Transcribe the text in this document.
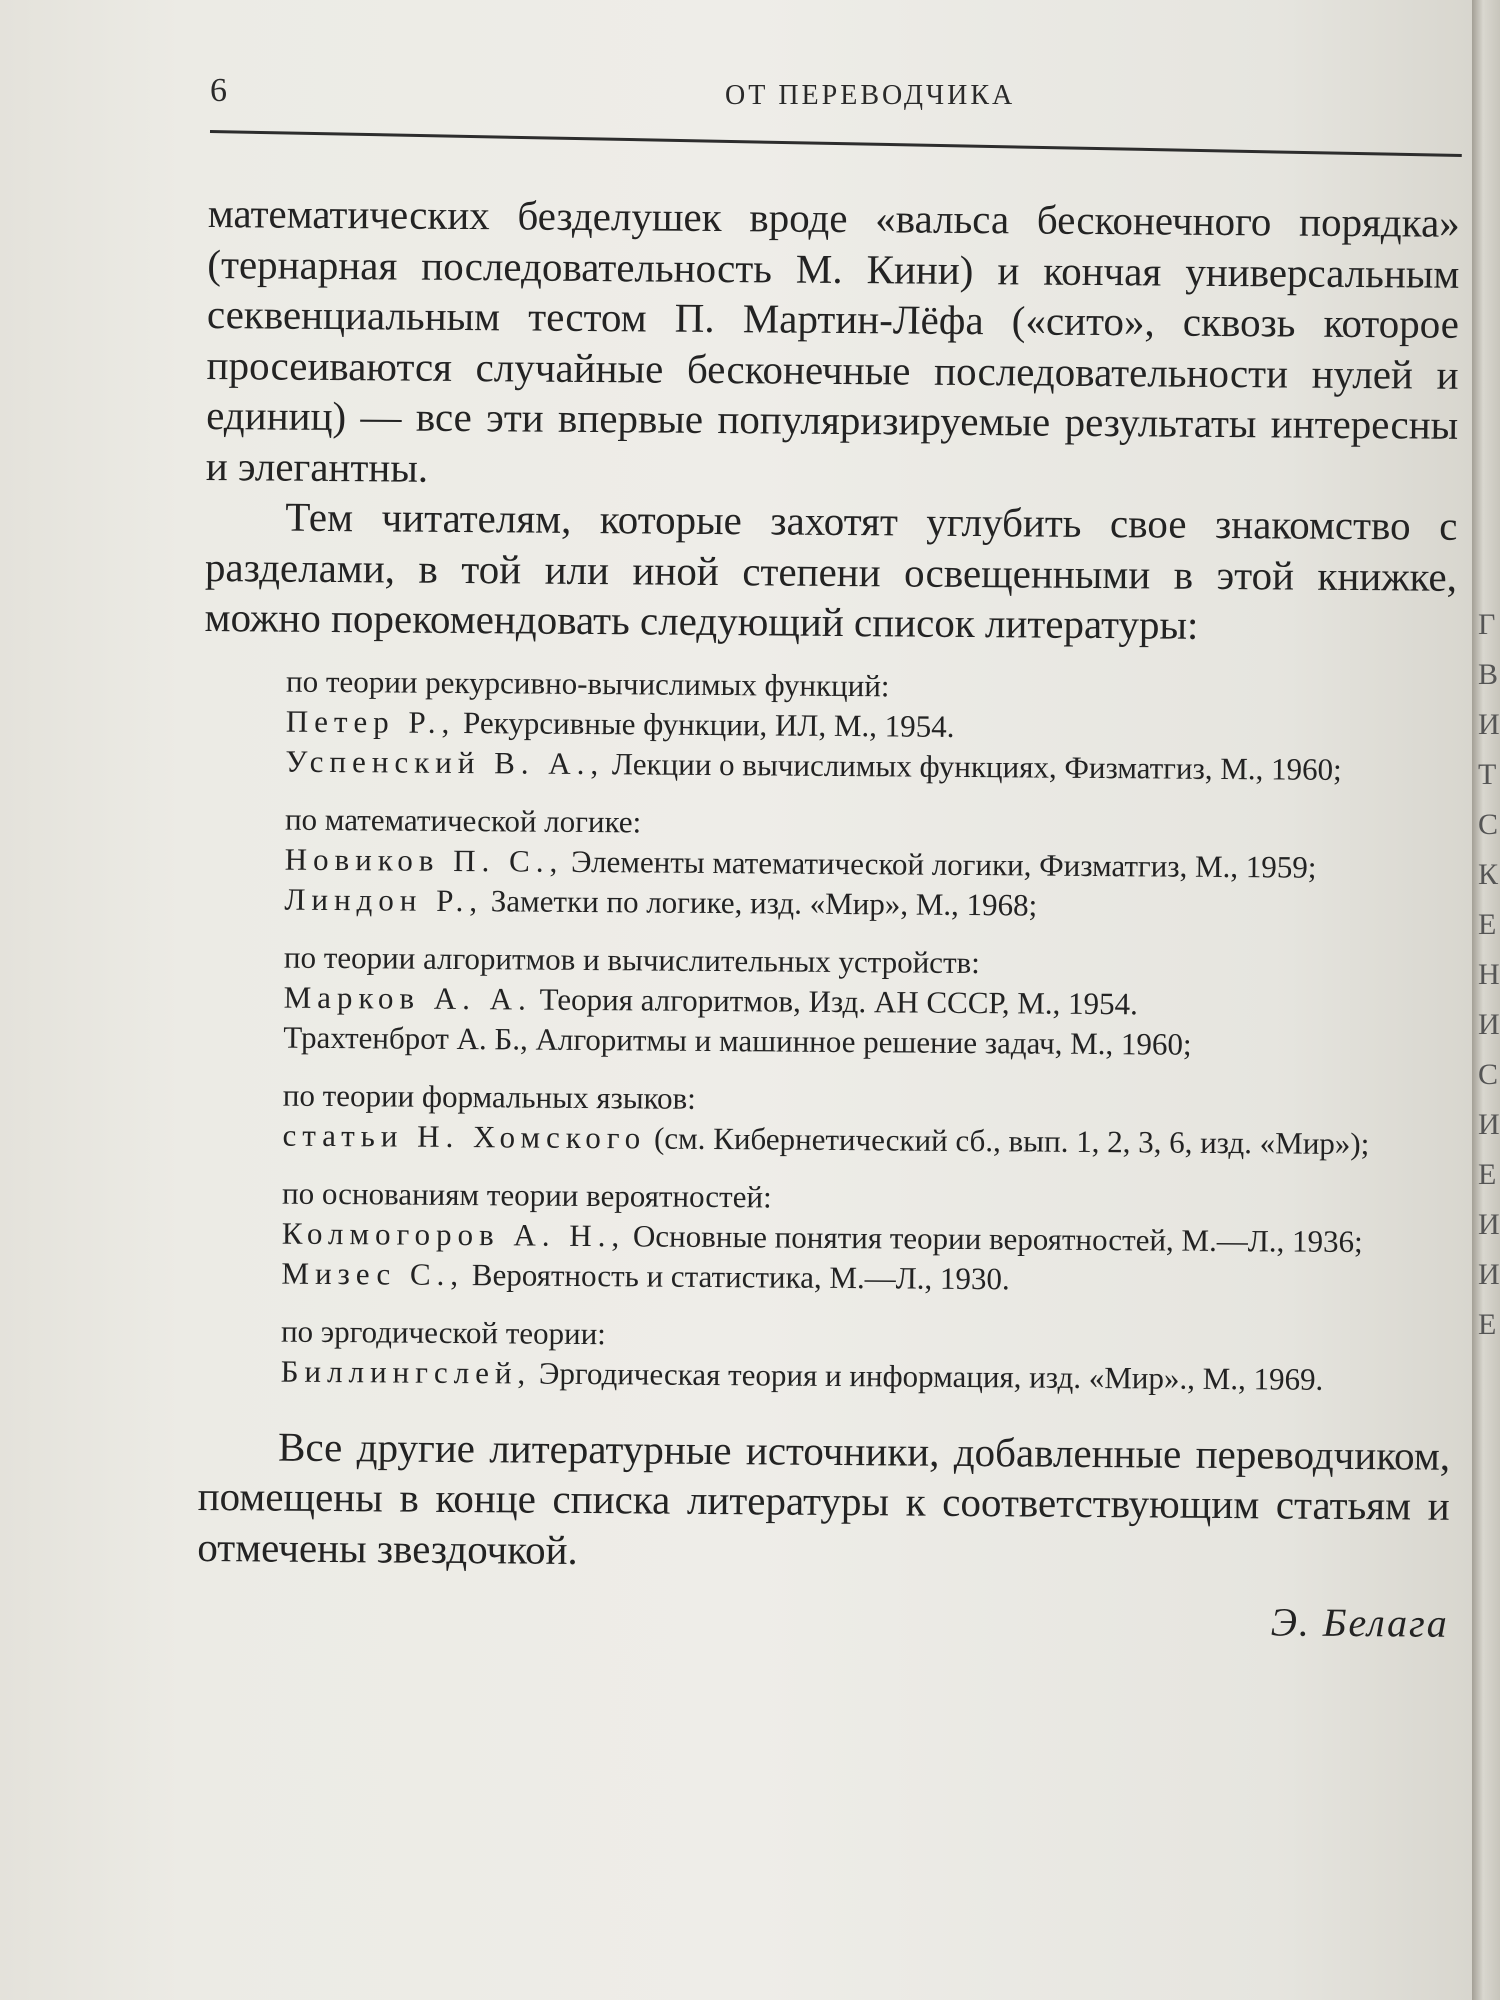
Г
В
И
Т
С
К
Е
Н
И
С
И
Е
И
И
Е
6	ОТ ПЕРЕВОДЧИКА

математических безделушек вроде «вальса бесконечного порядка» (тернарная последовательность М. Кини) и кончая универсальным секвенциальным тестом П. Мартин-Лёфа («сито», сквозь которое просеиваются случайные бесконечные последовательности нулей и единиц) — все эти впервые популяризируемые результаты интересны и элегантны.

Тем читателям, которые захотят углубить свое знакомство с разделами, в той или иной степени освещенными в этой книжке, можно порекомендовать следующий список литературы:

по теории рекурсивно-вычислимых функций:

Петер Р., Рекурсивные функции, ИЛ, М., 1954.

Успенский В. А., Лекции о вычислимых функциях, Физматгиз, М., 1960;

по математической логике:

Новиков П. С., Элементы математической логики, Физматгиз, М., 1959;

Линдон Р., Заметки по логике, изд. «Мир», М., 1968;

по теории алгоритмов и вычислительных устройств:

Марков А. А. Теория алгоритмов, Изд. АН СССР, М., 1954.

Трахтенброт А. Б., Алгоритмы и машинное решение задач, М., 1960;

по теории формальных языков:

статьи Н. Хомского (см. Кибернетический сб., вып. 1, 2, 3, 6, изд. «Мир»);

по основаниям теории вероятностей:

Колмогоров А. Н., Основные понятия теории вероятностей, М.—Л., 1936;

Мизес С., Вероятность и статистика, М.—Л., 1930.

по эргодической теории:

Биллингслей, Эргодическая теория и информация, изд. «Мир»., М., 1969.

Все другие литературные источники, добавленные переводчиком, помещены в конце списка литературы к соответствующим статьям и отмечены звездочкой.

Э. Белага
